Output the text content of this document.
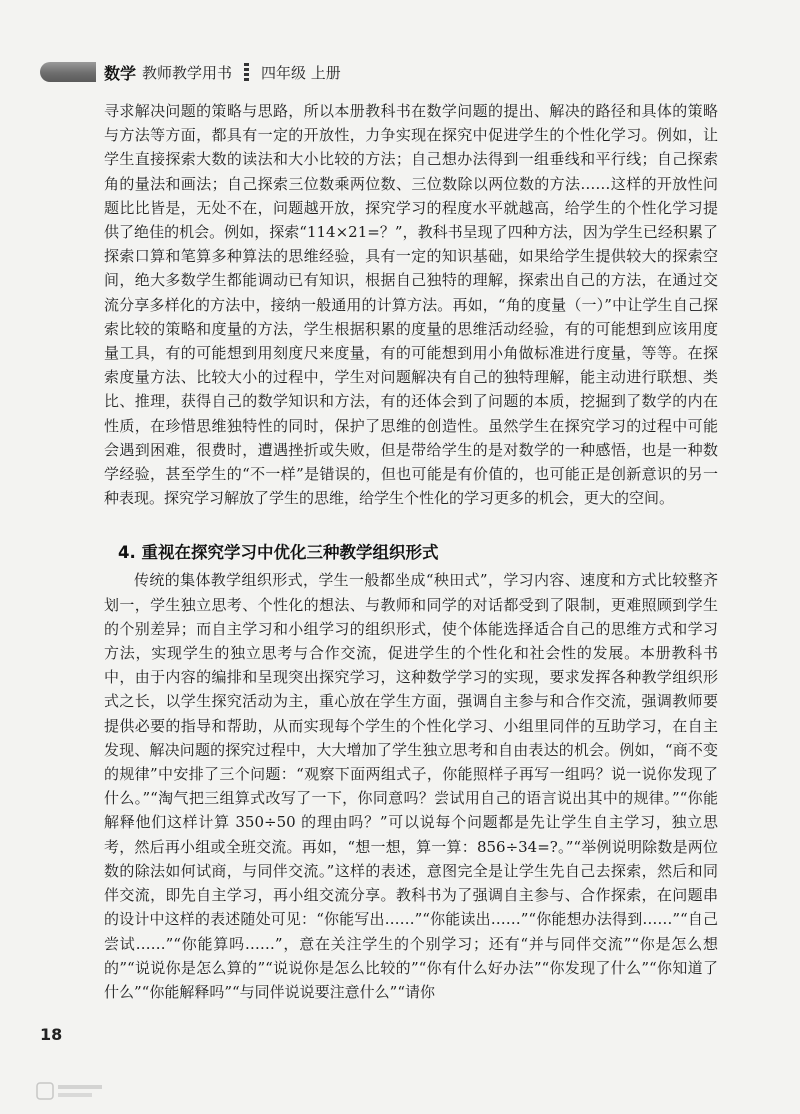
数学 教师教学用书 四年级 上册

寻求解决问题的策略与思路，所以本册教科书在数学问题的提出、解决的路径和具体的策略与方法等方面，都具有一定的开放性，力争实现在探究中促进学生的个性化学习。例如，让学生直接探索大数的读法和大小比较的方法；自己想办法得到一组垂线和平行线；自己探索角的量法和画法；自己探索三位数乘两位数、三位数除以两位数的方法……这样的开放性问题比比皆是，无处不在，问题越开放，探究学习的程度水平就越高，给学生的个性化学习提供了绝佳的机会。例如，探索“114×21=？”，教科书呈现了四种方法，因为学生已经积累了探索口算和笔算多种算法的思维经验，具有一定的知识基础，如果给学生提供较大的探索空间，绝大多数学生都能调动已有知识，根据自己独特的理解，探索出自己的方法，在通过交流分享多样化的方法中，接纳一般通用的计算方法。再如，“角的度量（一）”中让学生自己探索比较的策略和度量的方法，学生根据积累的度量的思维活动经验，有的可能想到应该用度量工具，有的可能想到用刻度尺来度量，有的可能想到用小角做标准进行度量，等等。在探索度量方法、比较大小的过程中，学生对问题解决有自己的独特理解，能主动进行联想、类比、推理，获得自己的数学知识和方法，有的还体会到了问题的本质，挖掘到了数学的内在性质，在珍惜思维独特性的同时，保护了思维的创造性。虽然学生在探究学习的过程中可能会遇到困难，很费时，遭遇挫折或失败，但是带给学生的是对数学的一种感悟，也是一种数学经验，甚至学生的“不一样”是错误的，但也可能是有价值的，也可能正是创新意识的另一种表现。探究学习解放了学生的思维，给学生个性化的学习更多的机会，更大的空间。

4. 重视在探究学习中优化三种教学组织形式

传统的集体教学组织形式，学生一般都坐成“秧田式”，学习内容、速度和方式比较整齐划一，学生独立思考、个性化的想法、与教师和同学的对话都受到了限制，更难照顾到学生的个别差异；而自主学习和小组学习的组织形式，使个体能选择适合自己的思维方式和学习方法，实现学生的独立思考与合作交流，促进学生的个性化和社会性的发展。本册教科书中，由于内容的编排和呈现突出探究学习，这种数学学习的实现，要求发挥各种教学组织形式之长，以学生探究活动为主，重心放在学生方面，强调自主参与和合作交流，强调教师要提供必要的指导和帮助，从而实现每个学生的个性化学习、小组里同伴的互助学习，在自主发现、解决问题的探究过程中，大大增加了学生独立思考和自由表达的机会。例如，“商不变的规律”中安排了三个问题：“观察下面两组式子，你能照样子再写一组吗？说一说你发现了什么。”“淘气把三组算式改写了一下，你同意吗？尝试用自己的语言说出其中的规律。”“你能解释他们这样计算 350÷50 的理由吗？”可以说每个问题都是先让学生自主学习，独立思考，然后再小组或全班交流。再如，“想一想，算一算：856÷34=?。”“举例说明除数是两位数的除法如何试商，与同伴交流。”这样的表述，意图完全是让学生先自己去探索，然后和同伴交流，即先自主学习，再小组交流分享。教科书为了强调自主参与、合作探索，在问题串的设计中这样的表述随处可见：“你能写出……”“你能读出……”“你能想办法得到……”“自己尝试……”“你能算吗……”，意在关注学生的个别学习；还有“并与同伴交流”“你是怎么想的”“说说你是怎么算的”“说说你是怎么比较的”“你有什么好办法”“你发现了什么”“你知道了什么”“你能解释吗”“与同伴说说要注意什么”“请你

18
